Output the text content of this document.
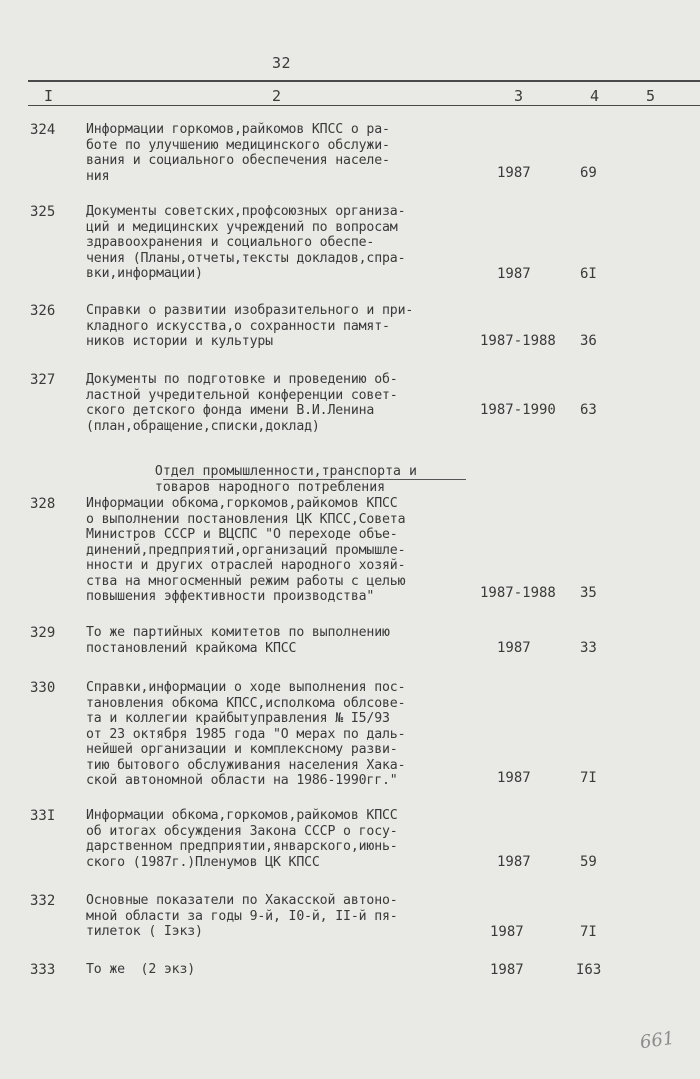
32
I	2	3	4	5
324 Информации горкомов,райкомов КПСС о ра-
боте по улучшению медицинского обслужи-
вания и социального обеспечения населе-
ния	1987	69
325 Документы советских,профсоюзных организа-
ций и медицинских учреждений по вопросам
здравоохранения и социального обеспе-
чения (Планы,отчеты,тексты докладов,спра-
вки,информации)	1987	6I
326 Справки о развитии изобразительного и при-
кладного искусства,о сохранности памят-
ников истории и культуры	1987-1988 36
327 Документы по подготовке и проведению об-
ластной учредительной конференции совет-
ского детского фонда имени В.И.Ленина
(план,обращение,списки,доклад)
1987-1990 63

Отдел промышленности,транспорта и
товаров народного потребления

328 Информации обкома,горкомов,райкомов КПСС
о выполнении постановления ЦК КПСС,Совета
Министров СССР и ВЦСПС "О переходе объе-
динений,предприятий,организаций промышле-
нности и других отраслей народного хозяй-
ства на многосменный режим работы с целью
повышения эффективности производства"	1987-1988 35
329 То же партийных комитетов по выполнению
постановлений крайкома КПСС	1987	33
330 Справки,информации о ходе выполнения пос-
тановления обкома КПСС,исполкома облсове-
та и коллегии крайбытуправления № I5/93
от 23 октября 1985 года "О мерах по даль-
нейшей организации и комплексному разви-
тию бытового обслуживания населения Хака-
ской автономной области на 1986-1990гг."	1987	7I
33I Информации обкома,горкомов,райкомов КПСС
об итогах обсуждения Закона СССР о госу-
дарственном предприятии,январского,июнь-
ского (1987г.)Пленумов ЦК КПСС	1987	59
332 Основные показатели по Хакасской автоно-
мной области за годы 9-й, I0-й, II-й пя-
тилеток ( Iэкз)	1987	7I
333 То же  (2 экз)	1987	I63
661
